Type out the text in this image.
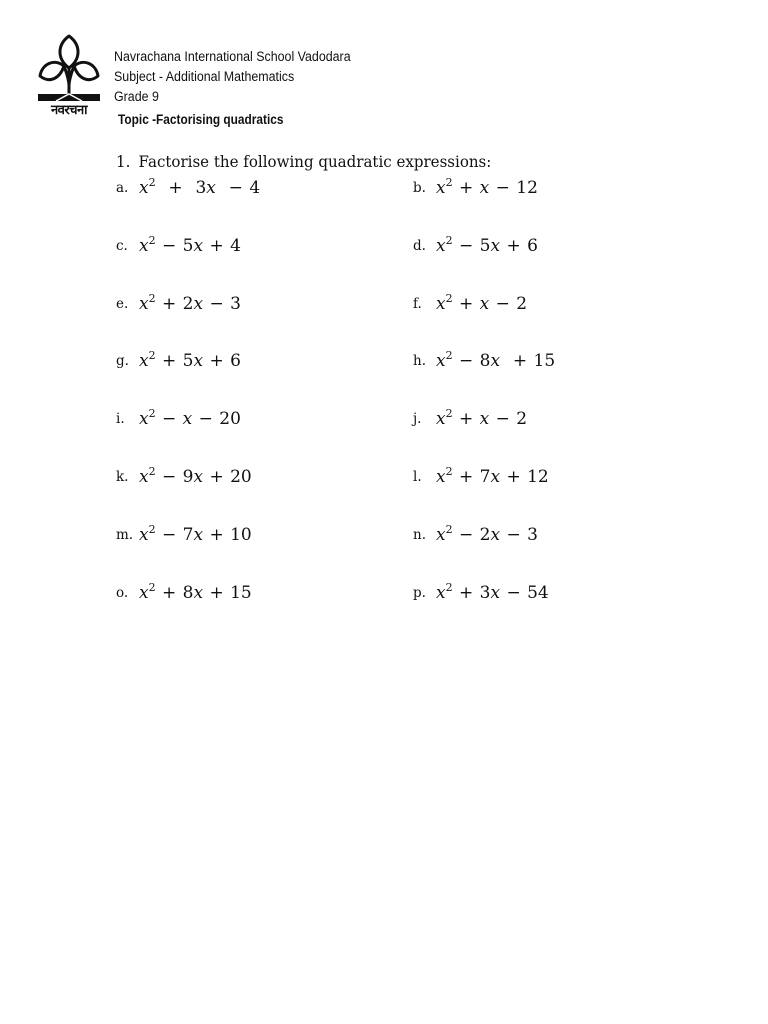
नवरचना
Navrachana International School Vadodara
Subject - Additional Mathematics
Grade 9
Topic -Factorising quadratics
1. Factorise the following quadratic expressions:
a. $x^2 + 3x - 4$	b. $x^2 + x - 12$
c. $x^2 - 5x + 4$	d. $x^2 - 5x + 6$
e. $x^2 + 2x - 3$	f. $x^2 + x - 2$
g. $x^2 + 5x + 6$	h. $x^2 - 8x + 15$
i. $x^2 - x - 20$	j. $x^2 + x - 2$
k. $x^2 - 9x + 20$	l. $x^2 + 7x + 12$
m. $x^2 - 7x + 10$	n. $x^2 - 2x - 3$
o. $x^2 + 8x + 15$	p. $x^2 + 3x - 54$
